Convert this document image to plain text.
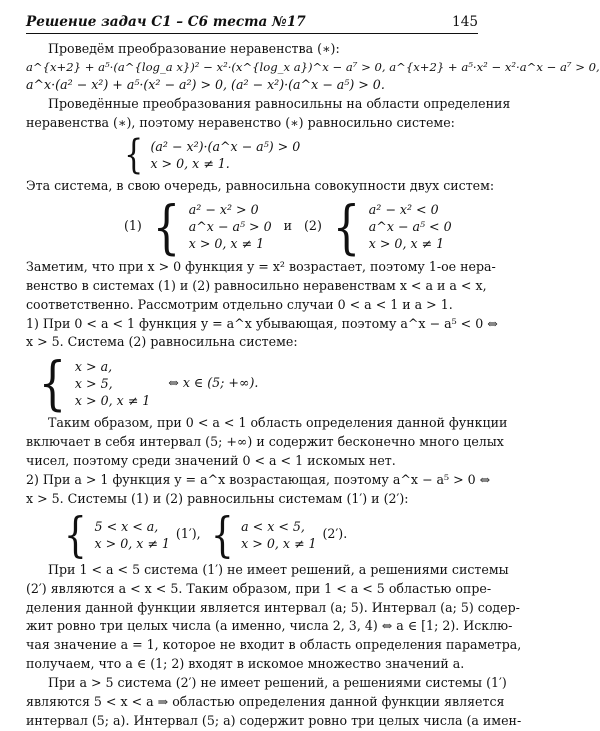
Решение задач С1 – С6 теста №17	145
Проведём преобразование неравенства (∗):
a^{x+2} + a⁵·(a^{log_a x})² − x²·(x^{log_x a})^x − a⁷ > 0, a^{x+2} + a⁵·x² − x²·a^x − a⁷ > 0,
a^x·(a² − x²) + a⁵·(x² − a²) > 0, (a² − x²)·(a^x − a⁵) > 0.
Проведённые преобразования равносильны на области определения
неравенства (∗), поэтому неравенство (∗) равносильно системе:
{ (a² − x²)·(a^x − a⁵) > 0
x > 0, x ≠ 1.
Эта система, в свою очередь, равносильна совокупности двух систем:
(1) { a² − x² > 0
a^x − a⁵ > 0
x > 0, x ≠ 1
и (2) { a² − x² < 0
a^x − a⁵ < 0
x > 0, x ≠ 1
Заметим, что при x > 0 функция y = x² возрастает, поэтому 1-ое нера-
венство в системах (1) и (2) равносильно неравенствам x < a и a < x,
соответственно. Рассмотрим отдельно случаи 0 < a < 1 и a > 1.
1) При 0 < a < 1 функция y = a^x убывающая, поэтому a^x − a⁵ < 0 ⇔
x > 5. Система (2) равносильна системе:
{ x > a,
x > 5,
x > 0, x ≠ 1
⇔ x ∈ (5; +∞).
Таким образом, при 0 < a < 1 область определения данной функции
включает в себя интервал (5; +∞) и содержит бесконечно много целых
чисел, поэтому среди значений 0 < a < 1 искомых нет.
2) При a > 1 функция y = a^x возрастающая, поэтому a^x − a⁵ > 0 ⇔
x > 5. Системы (1) и (2) равносильны системам (1′) и (2′):
{ 5 < x < a,
x > 0, x ≠ 1
(1′), { a < x < 5,
x > 0, x ≠ 1
(2′).
При 1 < a < 5 система (1′) не имеет решений, а решениями системы
(2′) являются a < x < 5. Таким образом, при 1 < a < 5 областью опре-
деления данной функции является интервал (a; 5). Интервал (a; 5) содер-
жит ровно три целых числа (а именно, числа 2, 3, 4) ⇔ a ∈ [1; 2). Исклю-
чая значение a = 1, которое не входит в область определения параметра,
получаем, что a ∈ (1; 2) входят в искомое множество значений a.
При a > 5 система (2′) не имеет решений, а решениями системы (1′)
являются 5 < x < a ⇒ областью определения данной функции является
интервал (5; a). Интервал (5; a) содержит ровно три целых числа (а имен-
